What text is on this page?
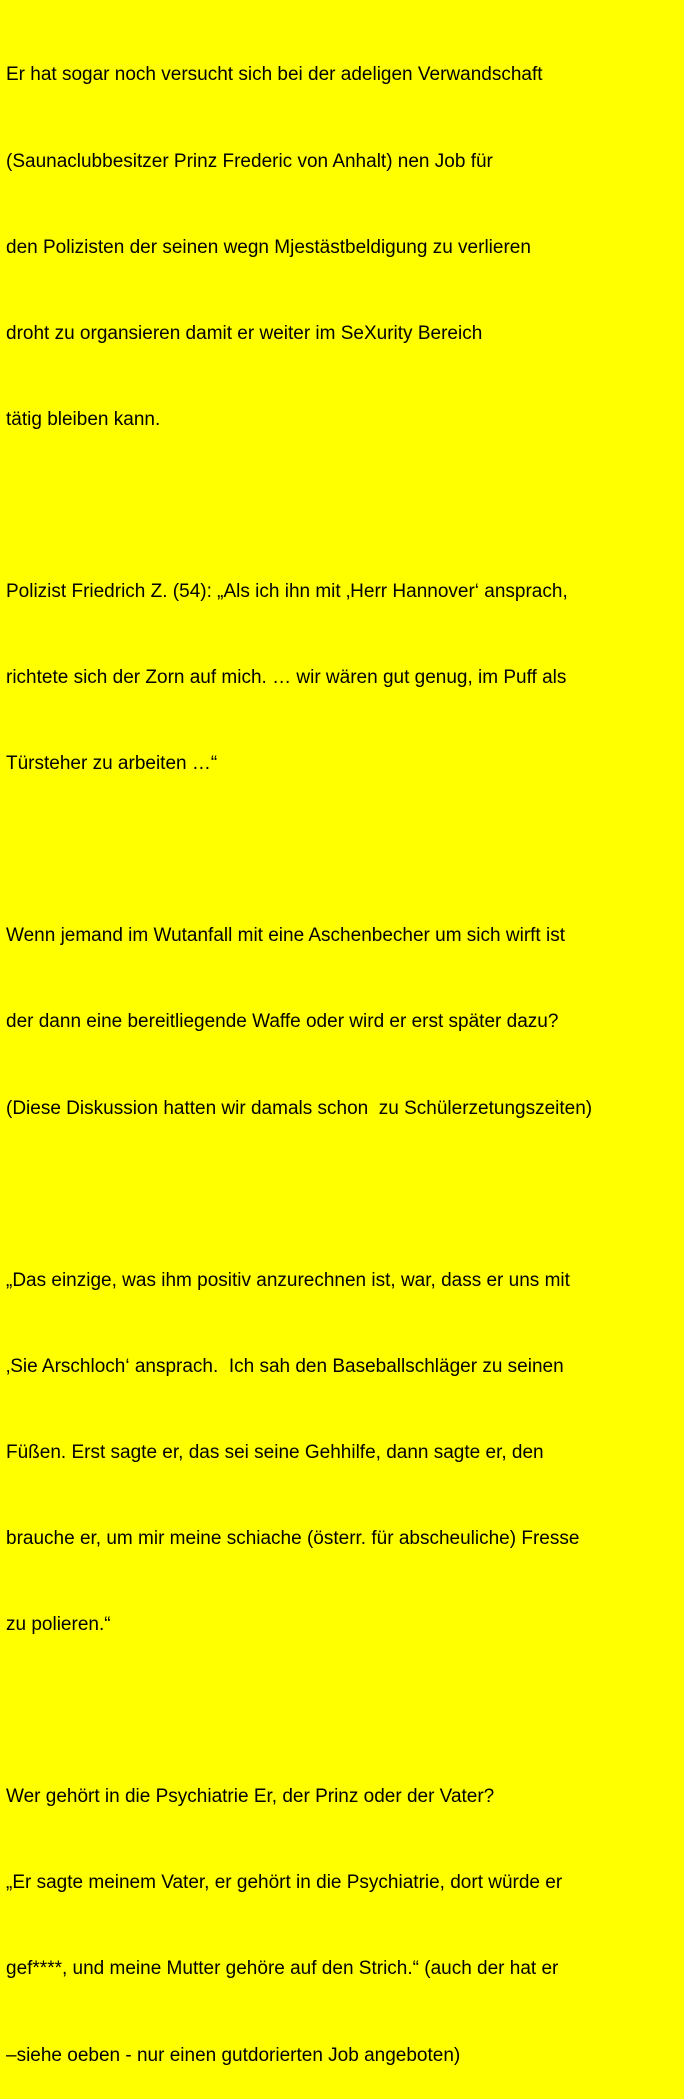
Er hat sogar noch versucht sich bei der adeligen Verwandschaft

(Saunaclubbesitzer Prinz Frederic von Anhalt) nen Job für

den Polizisten der seinen wegn Mjestästbeldigung zu verlieren

droht zu organsieren damit er weiter im SeXurity Bereich

tätig bleiben kann.

Polizist Friedrich Z. (54): „Als ich ihn mit ‚Herr Hannover‘ ansprach,

richtete sich der Zorn auf mich. … wir wären gut genug, im Puff als

Türsteher zu arbeiten …“

Wenn jemand im Wutanfall mit eine Aschenbecher um sich wirft ist

der dann eine bereitliegende Waffe oder wird er erst später dazu?

(Diese Diskussion hatten wir damals schon  zu Schülerzetungszeiten)

„Das einzige, was ihm positiv anzurechnen ist, war, dass er uns mit

‚Sie Arschloch‘ ansprach.  Ich sah den Baseballschläger zu seinen

Füßen. Erst sagte er, das sei seine Gehhilfe, dann sagte er, den

brauche er, um mir meine schiache (österr. für abscheuliche) Fresse

zu polieren.“

Wer gehört in die Psychiatrie Er, der Prinz oder der Vater?

„Er sagte meinem Vater, er gehört in die Psychiatrie, dort würde er

gef****, und meine Mutter gehöre auf den Strich.“ (auch der hat er

–siehe oeben - nur einen gutdorierten Job angeboten)
